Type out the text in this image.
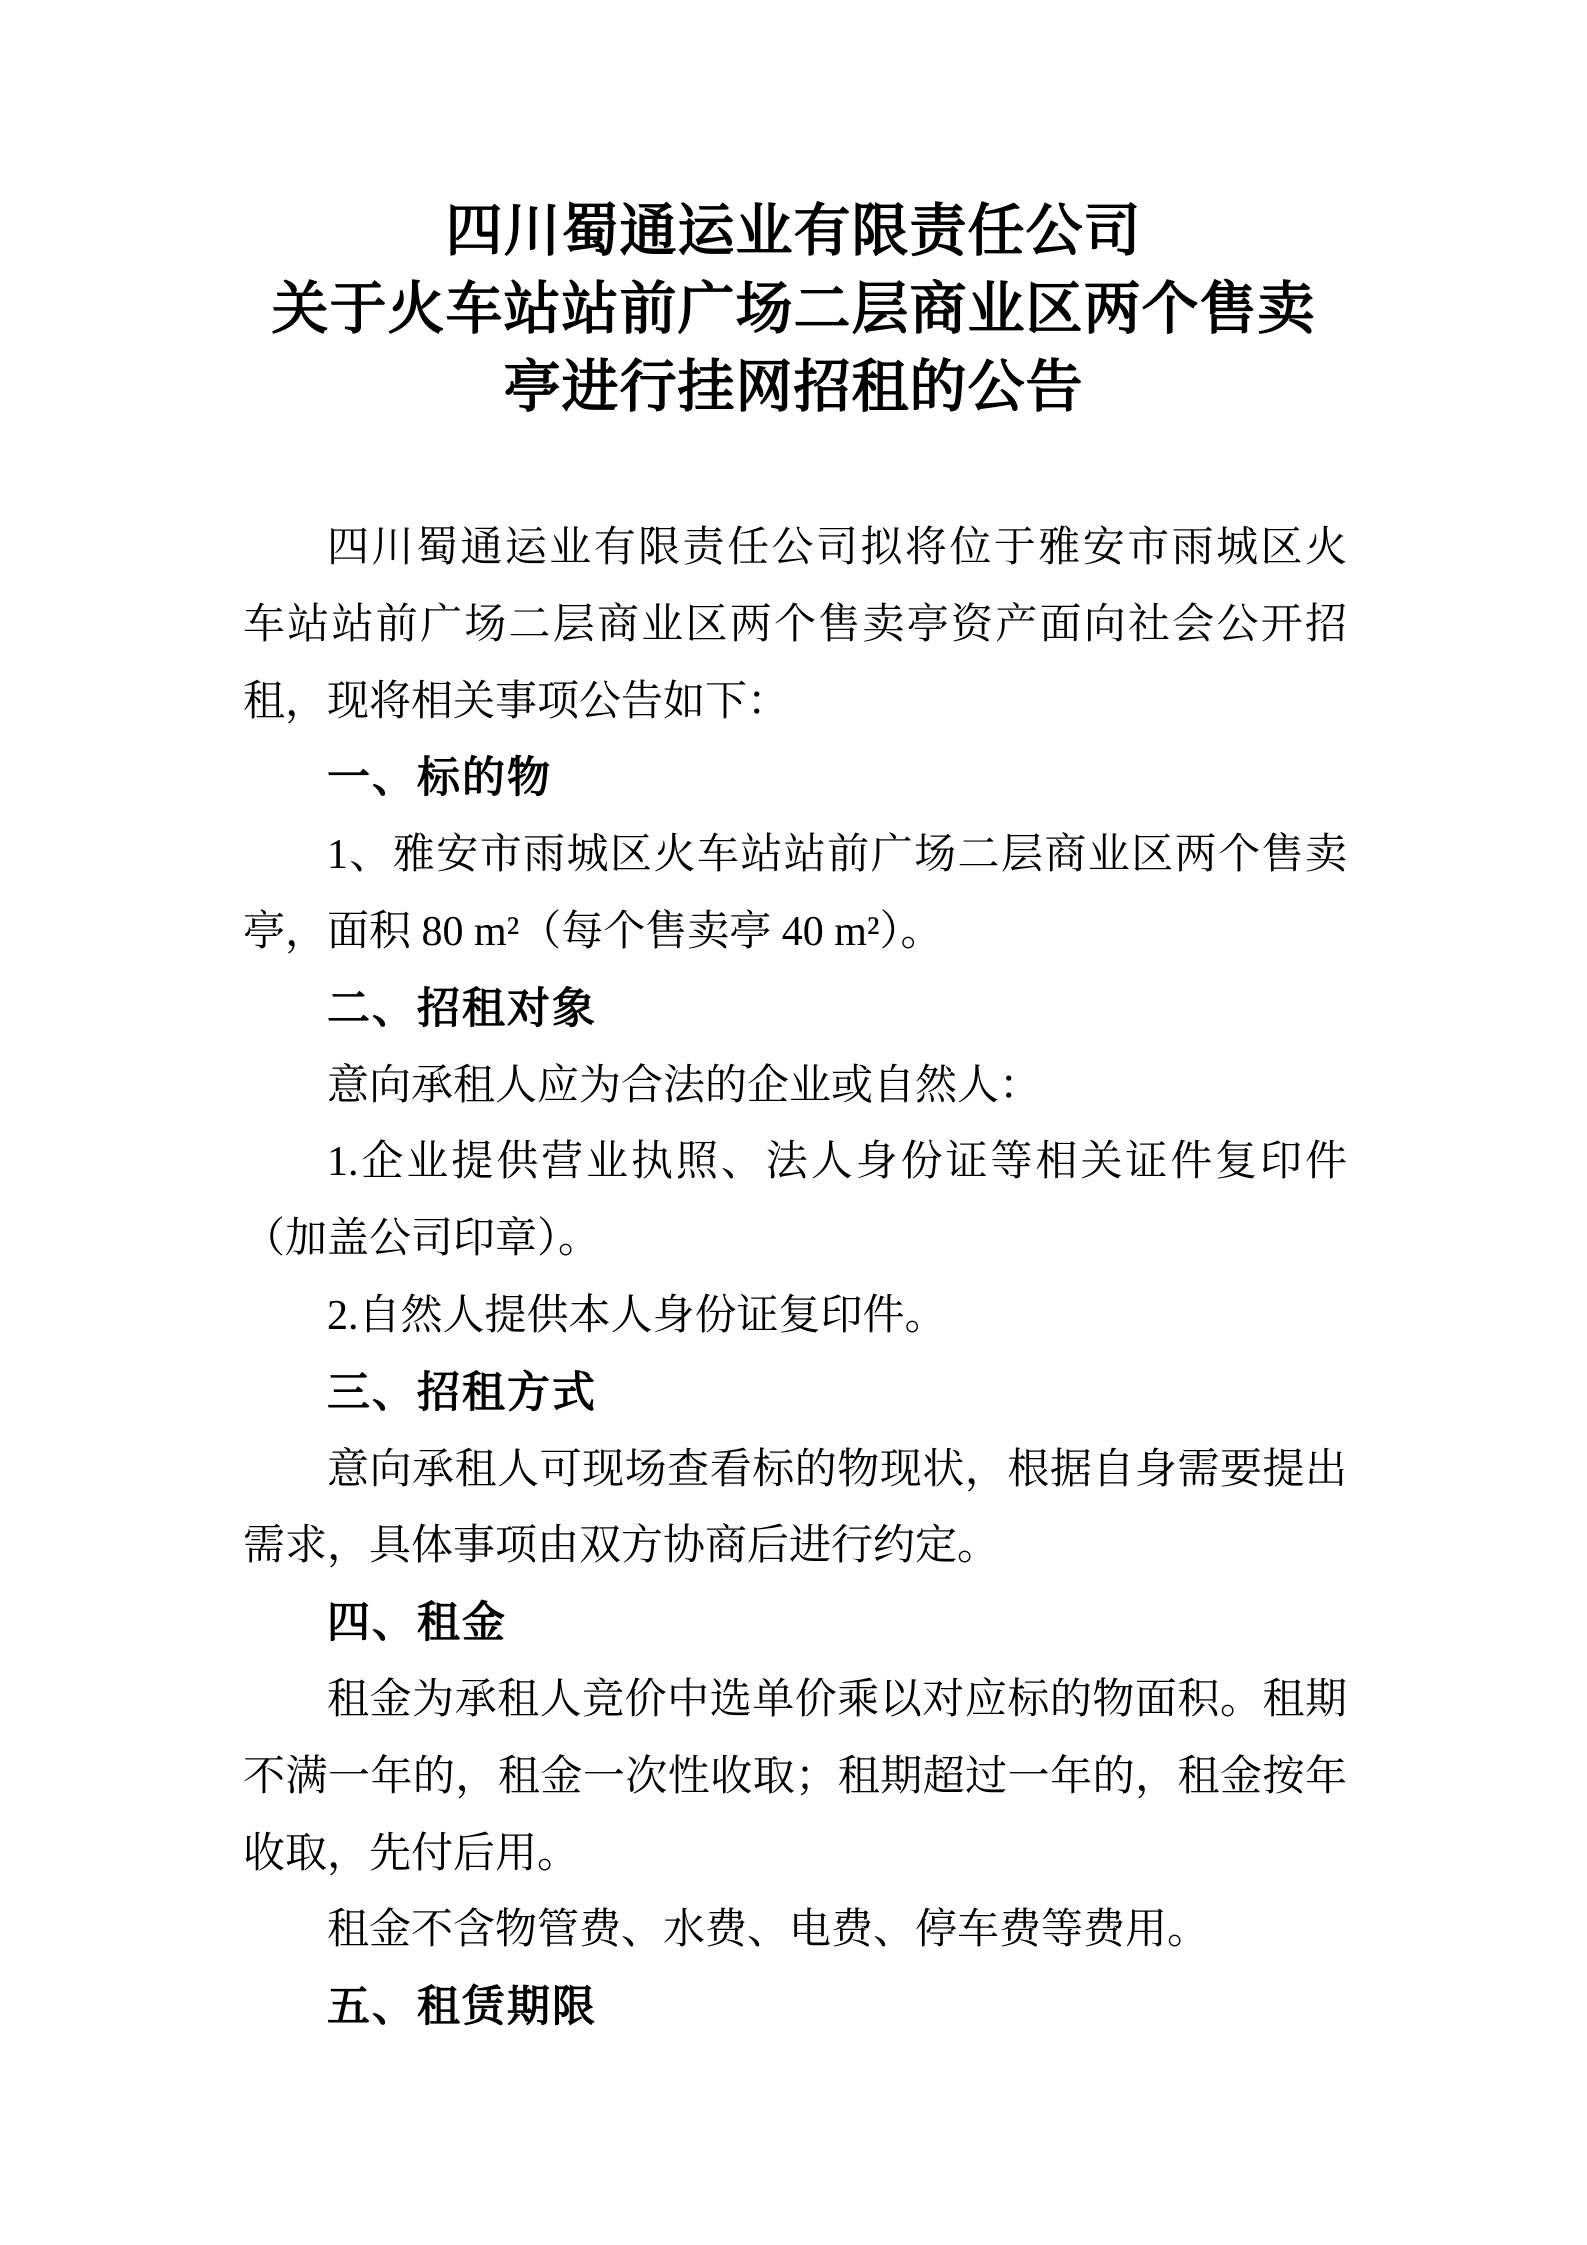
四川蜀通运业有限责任公司
关于火车站站前广场二层商业区两个售卖
亭进行挂网招租的公告
四川蜀通运业有限责任公司拟将位于雅安市雨城区火
车站站前广场二层商业区两个售卖亭资产面向社会公开招
租，现将相关事项公告如下：
一、标的物
1、雅安市雨城区火车站站前广场二层商业区两个售卖
亭，面积 80 m²（每个售卖亭 40 m²）。
二、招租对象
意向承租人应为合法的企业或自然人：
1.企业提供营业执照、法人身份证等相关证件复印件
（加盖公司印章）。
2.自然人提供本人身份证复印件。
三、招租方式
意向承租人可现场查看标的物现状，根据自身需要提出
需求，具体事项由双方协商后进行约定。
四、租金
租金为承租人竞价中选单价乘以对应标的物面积。租期
不满一年的，租金一次性收取；租期超过一年的，租金按年
收取，先付后用。
租金不含物管费、水费、电费、停车费等费用。
五、租赁期限
